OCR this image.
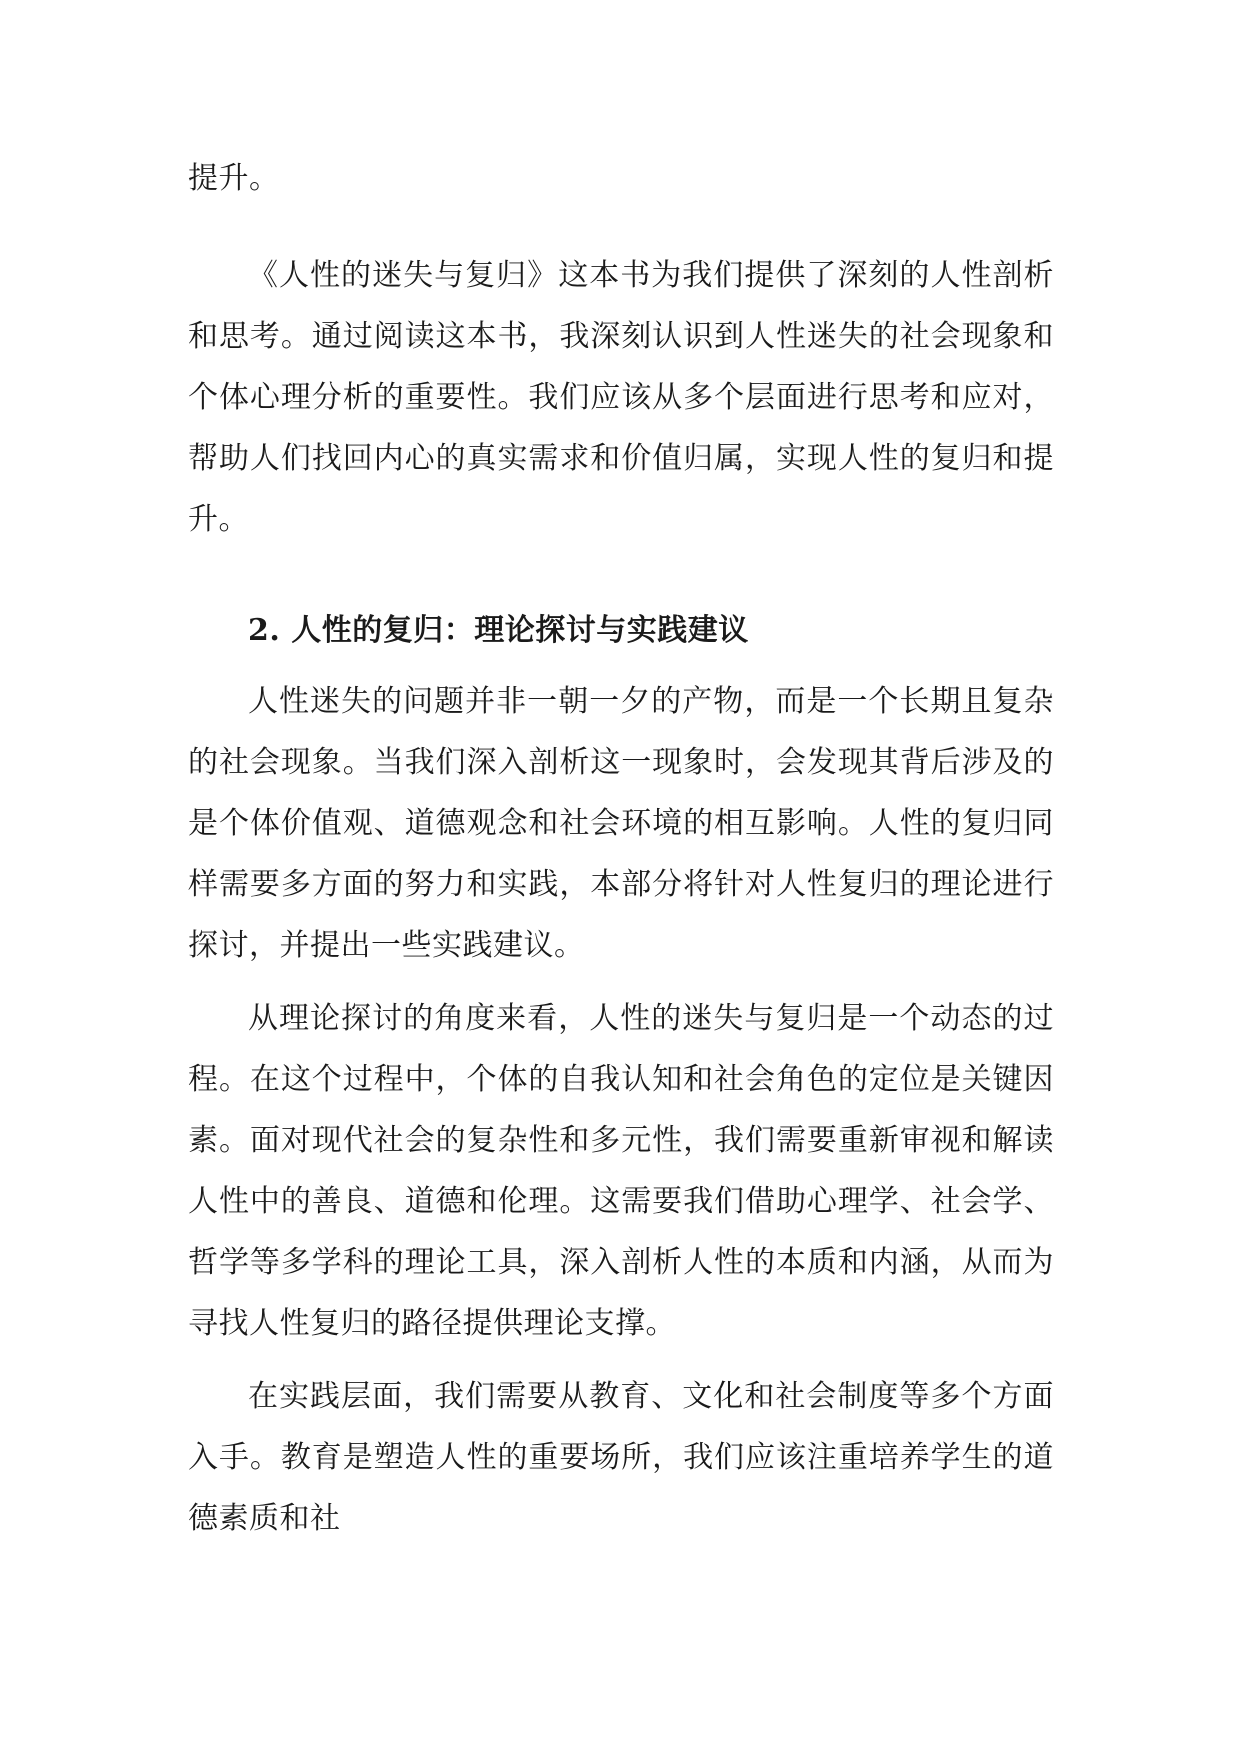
提升。

《人性的迷失与复归》这本书为我们提供了深刻的人性剖析和思考。通过阅读这本书，我深刻认识到人性迷失的社会现象和个体心理分析的重要性。我们应该从多个层面进行思考和应对，帮助人们找回内心的真实需求和价值归属，实现人性的复归和提升。

2. 人性的复归：理论探讨与实践建议

人性迷失的问题并非一朝一夕的产物，而是一个长期且复杂的社会现象。当我们深入剖析这一现象时，会发现其背后涉及的是个体价值观、道德观念和社会环境的相互影响。人性的复归同样需要多方面的努力和实践，本部分将针对人性复归的理论进行探讨，并提出一些实践建议。

从理论探讨的角度来看，人性的迷失与复归是一个动态的过程。在这个过程中，个体的自我认知和社会角色的定位是关键因素。面对现代社会的复杂性和多元性，我们需要重新审视和解读人性中的善良、道德和伦理。这需要我们借助心理学、社会学、哲学等多学科的理论工具，深入剖析人性的本质和内涵，从而为寻找人性复归的路径提供理论支撑。

在实践层面，我们需要从教育、文化和社会制度等多个方面入手。教育是塑造人性的重要场所，我们应该注重培养学生的道德素质和社
